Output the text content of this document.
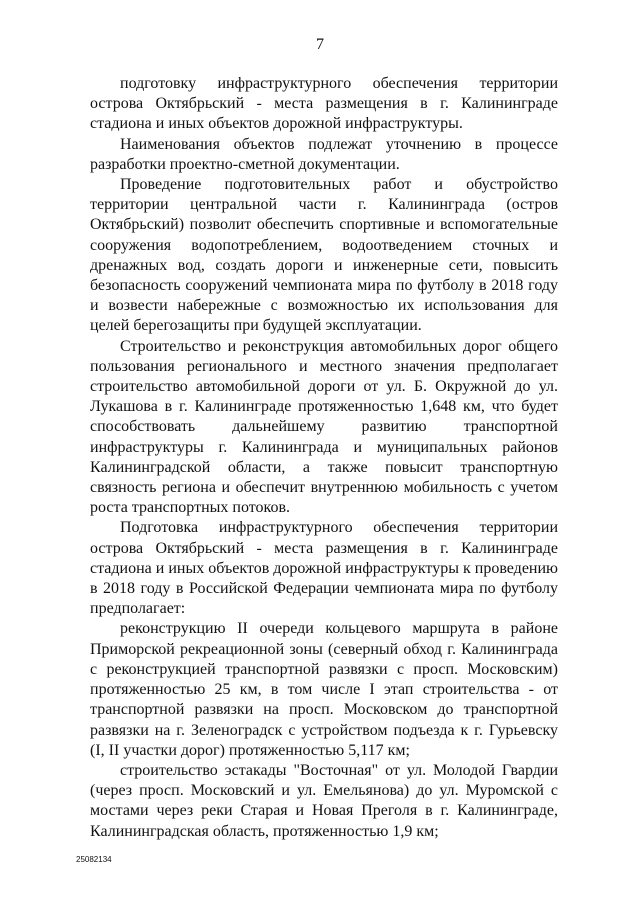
7

подготовку инфраструктурного обеспечения территории острова Октябрьский - места размещения в г. Калининграде стадиона и иных объектов дорожной инфраструктуры.

Наименования объектов подлежат уточнению в процессе разработки проектно-сметной документации.

Проведение подготовительных работ и обустройство территории центральной части г. Калининграда (остров Октябрьский) позволит обеспечить спортивные и вспомогательные сооружения водопотреблением, водоотведением сточных и дренажных вод, создать дороги и инженерные сети, повысить безопасность сооружений чемпионата мира по футболу в 2018 году и возвести набережные с возможностью их использования для целей берегозащиты при будущей эксплуатации.

Строительство и реконструкция автомобильных дорог общего пользования регионального и местного значения предполагает строительство автомобильной дороги от ул. Б. Окружной до ул. Лукашова в г. Калининграде протяженностью 1,648 км, что будет способствовать дальнейшему развитию транспортной инфраструктуры г. Калининграда и муниципальных районов Калининградской области, а также повысит транспортную связность региона и обеспечит внутреннюю мобильность с учетом роста транспортных потоков.

Подготовка инфраструктурного обеспечения территории острова Октябрьский - места размещения в г. Калининграде стадиона и иных объектов дорожной инфраструктуры к проведению в 2018 году в Российской Федерации чемпионата мира по футболу предполагает:

реконструкцию II очереди кольцевого маршрута в районе Приморской рекреационной зоны (северный обход г. Калининграда с реконструкцией транспортной развязки с просп. Московским) протяженностью 25 км, в том числе I этап строительства - от транспортной развязки на просп. Московском до транспортной развязки на г. Зеленоградск с устройством подъезда к г. Гурьевску (I, II участки дорог) протяженностью 5,117 км;

строительство эстакады "Восточная" от ул. Молодой Гвардии (через просп. Московский и ул. Емельянова) до ул. Муромской с мостами через реки Старая и Новая Преголя в г. Калининграде, Калининградская область, протяженностью 1,9 км;

25082134
